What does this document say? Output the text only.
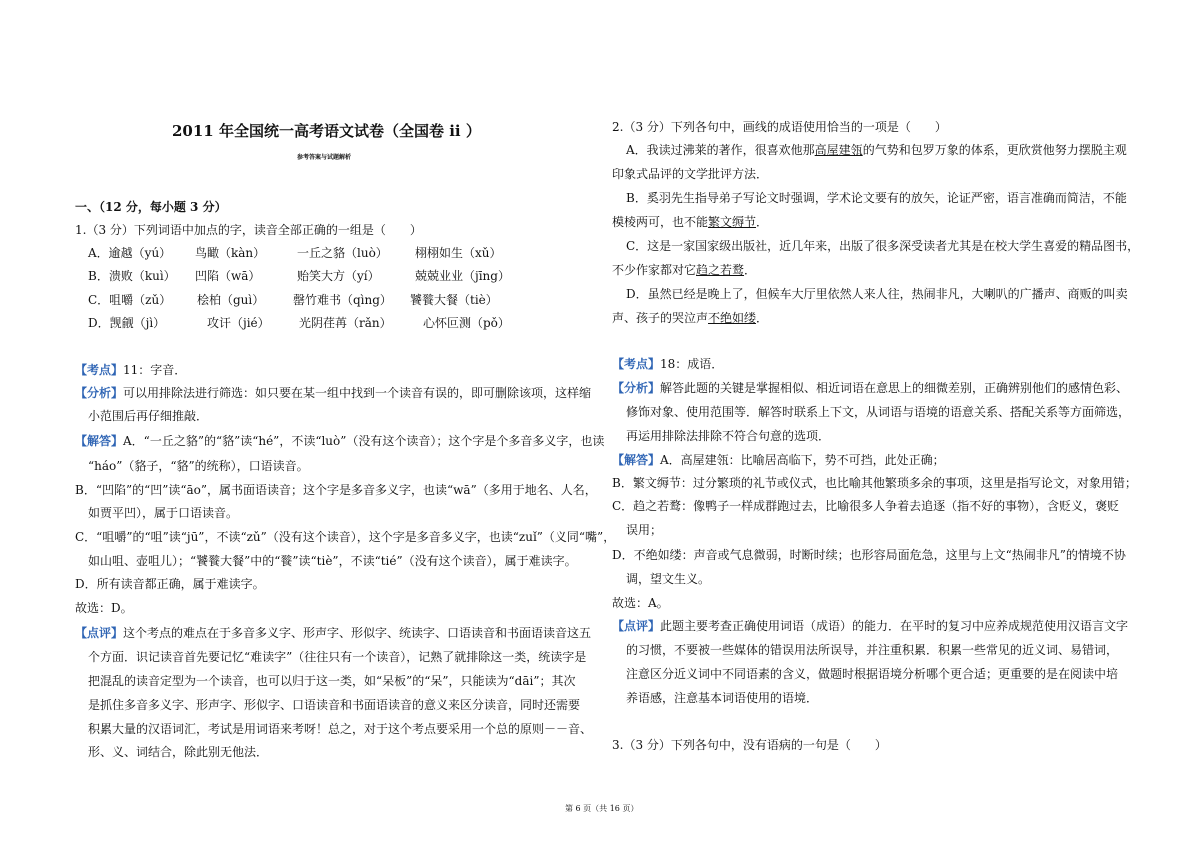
2011 年全国统一高考语文试卷（全国卷 ii ）
参考答案与试题解析
一、（12 分，每小题 3 分）
1.（3 分）下列词语中加点的字，读音全部正确的一组是（　　）
A．逾越（yú） 鸟瞰（kàn）	一丘之貉（luò） 栩栩如生（xǔ）
B．溃败（kuì） 凹陷（wā）	贻笑大方（yí）	兢兢业业（jīng）
C．咀嚼（zǔ） 桧柏（guì） 罄竹难书（qìng） 饕餮大餐（tiè）
D．觊觎（jì）	攻讦（jié） 光阴荏苒（rǎn）	心怀叵测（pǒ）
【考点】11：字音．
【分析】可以用排除法进行筛选：如只要在某一组中找到一个读音有误的，即可删除该项，这样缩
小范围后再仔细推敲．
【解答】A．“一丘之貉”的“貉”读“hé”，不读“luò”（没有这个读音）；这个字是个多音多义字，也读
“háo”（貉子，“貉”的统称），口语读音。
B．“凹陷”的“凹”读“āo”，属书面语读音；这个字是多音多义字，也读“wā”（多用于地名、人名，
如贾平凹），属于口语读音。
C．“咀嚼”的“咀”读“jū”，不读“zǔ”（没有这个读音），这个字是多音多义字，也读“zuǐ”（义同“嘴”，
如山咀、壶咀儿）；“饕餮大餐”中的“餮”读“tiè”，不读“tié”（没有这个读音），属于难读字。
D．所有读音都正确，属于难读字。
故选：D。
【点评】这个考点的难点在于多音多义字、形声字、形似字、统读字、口语读音和书面语读音这五
个方面．识记读音首先要记忆“难读字”（往往只有一个读音），记熟了就排除这一类，统读字是
把混乱的读音定型为一个读音，也可以归于这一类，如“呆板”的“呆”，只能读为“dāi”；其次
是抓住多音多义字、形声字、形似字、口语读音和书面语读音的意义来区分读音，同时还需要
积累大量的汉语词汇，考试是用词语来考呀！总之，对于这个考点要采用一个总的原则－－音、
形、义、词结合，除此别无他法．
2.（3 分）下列各句中，画线的成语使用恰当的一项是（　　）
A．我读过沸莱的著作，很喜欢他那高屋建瓴的气势和包罗万象的体系，更欣赏他努力摆脱主观
印象式品评的文学批评方法．
B．奚羽先生指导弟子写论文时强调，学术论文要有的放矢，论证严密，语言准确而简洁，不能
模棱两可，也不能繁文缛节．
C．这是一家国家级出版社，近几年来，出版了很多深受读者尤其是在校大学生喜爱的精品图书，
不少作家都对它趋之若鹜．
D．虽然已经是晚上了，但候车大厅里依然人来人往，热闹非凡，大喇叭的广播声、商贩的叫卖
声、孩子的哭泣声不绝如缕．
【考点】18：成语．
【分析】解答此题的关键是掌握相似、相近词语在意思上的细微差别，正确辨别他们的感情色彩、
修饰对象、使用范围等．解答时联系上下文，从词语与语境的语意关系、搭配关系等方面筛选，
再运用排除法排除不符合句意的选项．
【解答】A．高屋建瓴：比喻居高临下，势不可挡，此处正确；
B．繁文缛节：过分繁琐的礼节或仪式，也比喻其他繁琐多余的事项，这里是指写论文，对象用错；
C．趋之若鹜：像鸭子一样成群跑过去，比喻很多人争着去追逐（指不好的事物），含贬义，褒贬
误用；
D．不绝如缕：声音或气息微弱，时断时续；也形容局面危急，这里与上文“热闹非凡”的情境不协
调，望文生义。
故选：A。
【点评】此题主要考查正确使用词语（成语）的能力．在平时的复习中应养成规范使用汉语言文字
的习惯，不要被一些媒体的错误用法所误导，并注重积累．积累一些常见的近义词、易错词，
注意区分近义词中不同语素的含义，做题时根据语境分析哪个更合适；更重要的是在阅读中培
养语感，注意基本词语使用的语境．
3.（3 分）下列各句中，没有语病的一句是（　　）
第 6 页（共 16 页）
